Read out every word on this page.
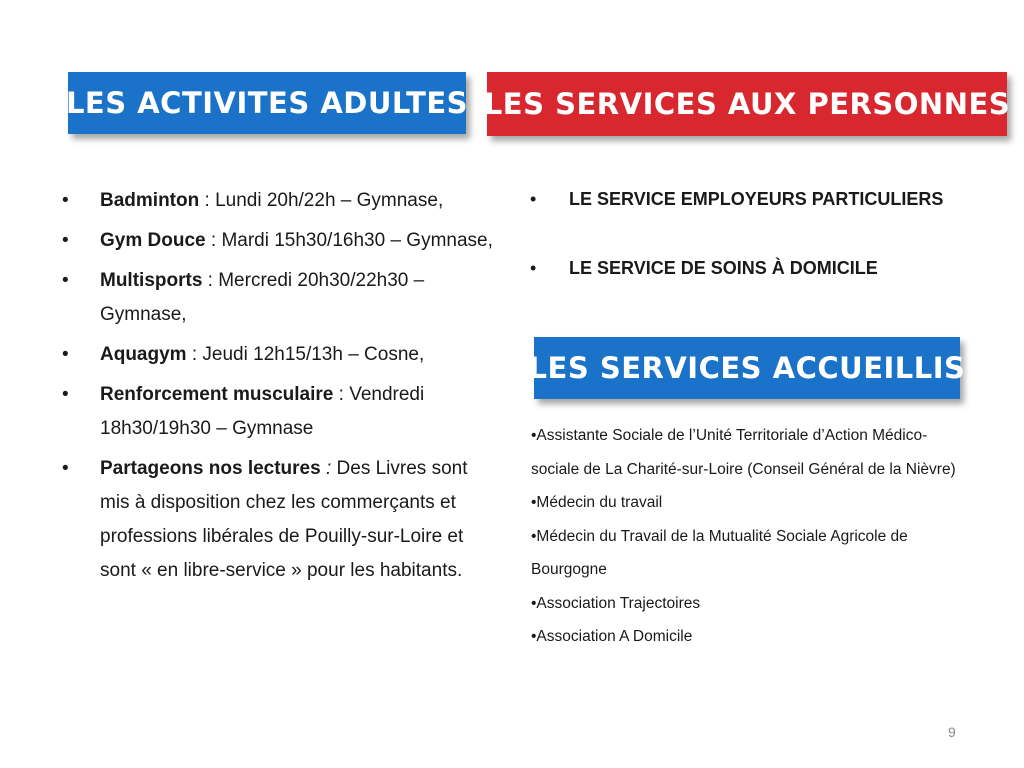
LES ACTIVITES ADULTES LES SERVICES AUX PERSONNES
• Badminton : Lundi 20h/22h – Gymnase,
• Gym Douce : Mardi 15h30/16h30 – Gymnase,
• Multisports : Mercredi 20h30/22h30 – Gymnase,
• Aquagym : Jeudi 12h15/13h – Cosne,
• Renforcement musculaire : Vendredi 18h30/19h30 – Gymnase
• Partageons nos lectures : Des Livres sont mis à disposition chez les commerçants et professions libérales de Pouilly-sur-Loire et sont « en libre-service » pour les habitants.
• LE SERVICE EMPLOYEURS PARTICULIERS
• LE SERVICE DE SOINS À DOMICILE
LES SERVICES ACCUEILLIS
•Assistante Sociale de l’Unité Territoriale d’Action Médico-sociale de La Charité-sur-Loire (Conseil Général de la Nièvre)
•Médecin du travail
•Médecin du Travail de la Mutualité Sociale Agricole de Bourgogne
•Association Trajectoires
•Association A Domicile
9
